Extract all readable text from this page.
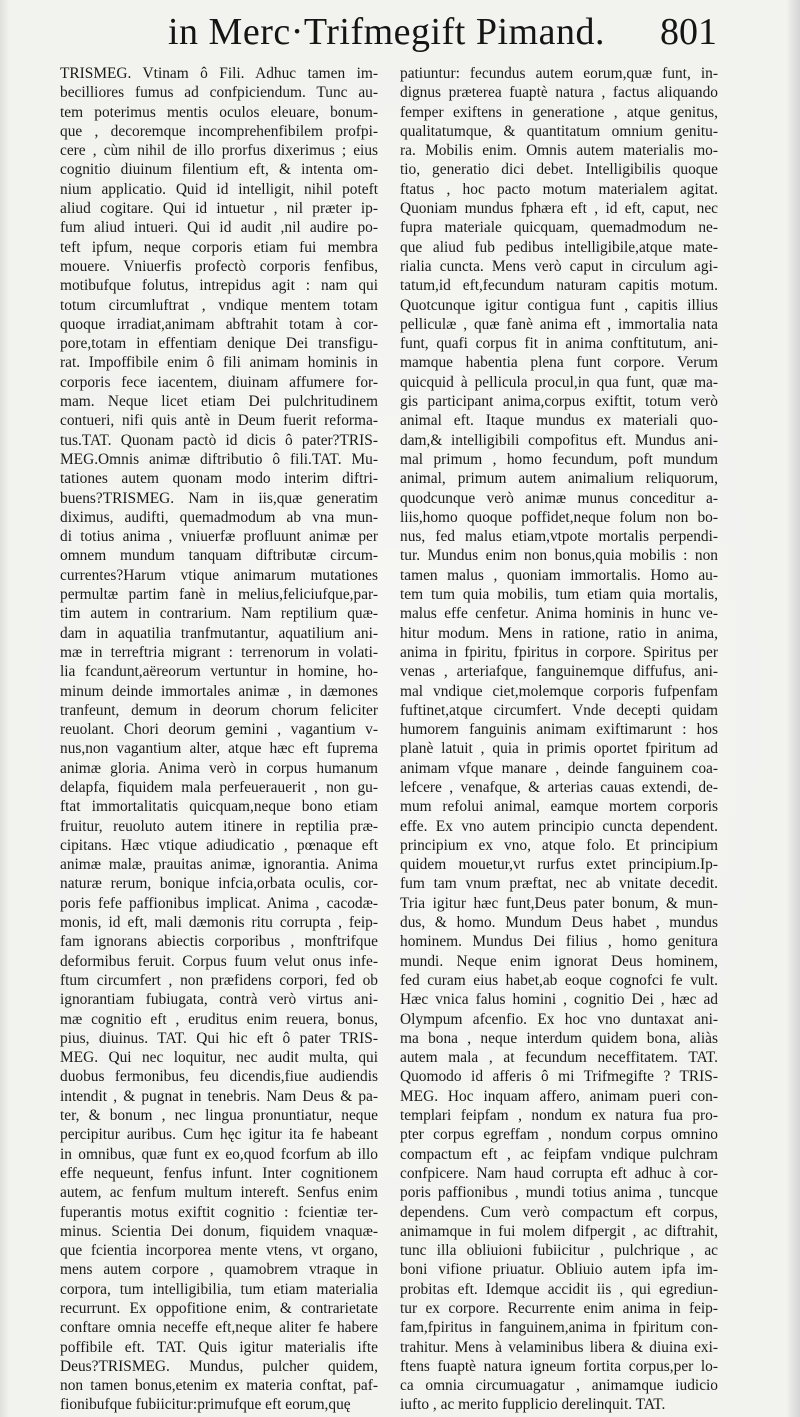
in Merc·Trifmegift Pimand. 801
TRISMEG. Vtinam ô Fili. Adhuc tamen im-
becilliores fumus ad confpiciendum. Tunc au-
tem poterimus mentis oculos eleuare, bonum-
que , decoremque incomprehenfibilem profpi-
cere , cùm nihil de illo prorfus dixerimus ; eius
cognitio diuinum filentium eft, & intenta om-
nium applicatio. Quid id intelligit, nihil poteft
aliud cogitare. Qui id intuetur , nil præter ip-
fum aliud intueri. Qui id audit ,nil audire po-
teft ipfum, neque corporis etiam fui membra
mouere. Vniuerfis profectò corporis fenfibus,
motibufque folutus, intrepidus agit : nam qui
totum circumluftrat , vndique mentem totam
quoque irradiat,animam abftrahit totam à cor-
pore,totam in effentiam denique Dei transfigu-
rat. Impoffibile enim ô fili animam hominis in
corporis fece iacentem, diuinam affumere for-
mam. Neque licet etiam Dei pulchritudinem
contueri, nifi quis antè in Deum fuerit reforma-
tus.TAT. Quonam pactò id dicis ô pater?TRIS-
MEG.Omnis animæ diftributio ô fili.TAT. Mu-
tationes autem quonam modo interim diftri-
buens?TRISMEG. Nam in iis,quæ generatim
diximus, audifti, quemadmodum ab vna mun-
di totius anima , vniuerfæ profluunt animæ per
omnem mundum tanquam diftributæ circum-
currentes?Harum vtique animarum mutationes
permultæ partim fanè in melius,feliciufque,par-
tim autem in contrarium. Nam reptilium quæ-
dam in aquatilia tranfmutantur, aquatilium ani-
mæ in terreftria migrant : terrenorum in volati-
lia fcandunt,aëreorum vertuntur in homine, ho-
minum deinde immortales animæ , in dæmones
tranfeunt, demum in deorum chorum feliciter
reuolant. Chori deorum gemini , vagantium v-
nus,non vagantium alter, atque hæc eft fuprema
animæ gloria. Anima verò in corpus humanum
delapfa, fiquidem mala perfeuerauerit , non gu-
ftat immortalitatis quicquam,neque bono etiam
fruitur, reuoluto autem itinere in reptilia præ-
cipitans. Hæc vtique adiudicatio , pœnaque eft
animæ malæ, prauitas animæ, ignorantia. Anima
naturæ rerum, bonique infcia,orbata oculis, cor-
poris fefe paffionibus implicat. Anima , cacodæ-
monis, id eft, mali dæmonis ritu corrupta , feip-
fam ignorans abiectis corporibus , monftrifque
deformibus feruit. Corpus fuum velut onus infe-
ftum circumfert , non præfidens corpori, fed ob
ignorantiam fubiugata, contrà verò virtus ani-
mæ cognitio eft , eruditus enim reuera, bonus,
pius, diuinus. TAT. Qui hic eft ô pater TRIS-
MEG. Qui nec loquitur, nec audit multa, qui
duobus fermonibus, feu dicendis,fiue audiendis
intendit , & pugnat in tenebris. Nam Deus & pa-
ter, & bonum , nec lingua pronuntiatur, neque
percipitur auribus. Cum hęc igitur ita fe habeant
in omnibus, quæ funt ex eo,quod fcorfum ab illo
effe nequeunt, fenfus infunt. Inter cognitionem
autem, ac fenfum multum intereft. Senfus enim
fuperantis motus exiftit cognitio : fcientiæ ter-
minus. Scientia Dei donum, fiquidem vnaquæ-
que fcientia incorporea mente vtens, vt organo,
mens autem corpore , quamobrem vtraque in
corpora, tum intelligibilia, tum etiam materialia
recurrunt. Ex oppofitione enim, & contrarietate
conftare omnia neceffe eft,neque aliter fe habere
poffibile eft. TAT. Quis igitur materialis ifte
Deus?TRISMEG. Mundus, pulcher quidem,
non tamen bonus,etenim ex materia conftat, paf-
fionibufque fubiicitur:primufque eft eorum,quę
patiuntur: fecundus autem eorum,quæ funt, in-
dignus præterea fuaptè natura , factus aliquando
femper exiftens in generatione , atque genitus,
qualitatumque, & quantitatum omnium genitu-
ra. Mobilis enim. Omnis autem materialis mo-
tio, generatio dici debet. Intelligibilis quoque
ftatus , hoc pacto motum materialem agitat.
Quoniam mundus fphæra eft , id eft, caput, nec
fupra materiale quicquam, quemadmodum ne-
que aliud fub pedibus intelligibile,atque mate-
rialia cuncta. Mens verò caput in circulum agi-
tatum,id eft,fecundum naturam capitis motum.
Quotcunque igitur contigua funt , capitis illius
pelliculæ , quæ fanè anima eft , immortalia nata
funt, quafi corpus fit in anima conftitutum, ani-
mamque habentia plena funt corpore. Verum
quicquid à pellicula procul,in qua funt, quæ ma-
gis participant anima,corpus exiftit, totum verò
animal eft. Itaque mundus ex materiali quo-
dam,& intelligibili compofitus eft. Mundus ani-
mal primum , homo fecundum, poft mundum
animal, primum autem animalium reliquorum,
quodcunque verò animæ munus conceditur a-
liis,homo quoque poffidet,neque folum non bo-
nus, fed malus etiam,vtpote mortalis perpendi-
tur. Mundus enim non bonus,quia mobilis : non
tamen malus , quoniam immortalis. Homo au-
tem tum quia mobilis, tum etiam quia mortalis,
malus effe cenfetur. Anima hominis in hunc ve-
hitur modum. Mens in ratione, ratio in anima,
anima in fpiritu, fpiritus in corpore. Spiritus per
venas , arteriafque, fanguinemque diffufus, ani-
mal vndique ciet,molemque corporis fufpenfam
fuftinet,atque circumfert. Vnde decepti quidam
humorem fanguinis animam exiftimarunt : hos
planè latuit , quia in primis oportet fpiritum ad
animam vfque manare , deinde fanguinem coa-
lefcere , venafque, & arterias cauas extendi, de-
mum refolui animal, eamque mortem corporis
effe. Ex vno autem principio cuncta dependent.
principium ex vno, atque folo. Et principium
quidem mouetur,vt rurfus extet principium.Ip-
fum tam vnum præftat, nec ab vnitate decedit.
Tria igitur hæc funt,Deus pater bonum, & mun-
dus, & homo. Mundum Deus habet , mundus
hominem. Mundus Dei filius , homo genitura
mundi. Neque enim ignorat Deus hominem,
fed curam eius habet,ab eoque cognofci fe vult.
Hæc vnica falus homini , cognitio Dei , hæc ad
Olympum afcenfio. Ex hoc vno duntaxat ani-
ma bona , neque interdum quidem bona, aliàs
autem mala , at fecundum neceffitatem. TAT.
Quomodo id afferis ô mi Trifmegifte ? TRIS-
MEG. Hoc inquam affero, animam pueri con-
templari feipfam , nondum ex natura fua pro-
pter corpus egreffam , nondum corpus omnino
compactum eft , ac feipfam vndique pulchram
confpicere. Nam haud corrupta eft adhuc à cor-
poris paffionibus , mundi totius anima , tuncque
dependens. Cum verò compactum eft corpus,
animamque in fui molem difpergit , ac diftrahit,
tunc illa obliuioni fubiicitur , pulchrique , ac
boni vifione priuatur. Obliuio autem ipfa im-
probitas eft. Idemque accidit iis , qui egrediun-
tur ex corpore. Recurrente enim anima in feip-
fam,fpiritus in fanguinem,anima in fpiritum con-
trahitur. Mens à velaminibus libera & diuina exi-
ftens fuaptè natura igneum fortita corpus,per lo-
ca omnia circumuagatur , animamque iudicio
iufto , ac merito fupplicio derelinquit. TAT.
